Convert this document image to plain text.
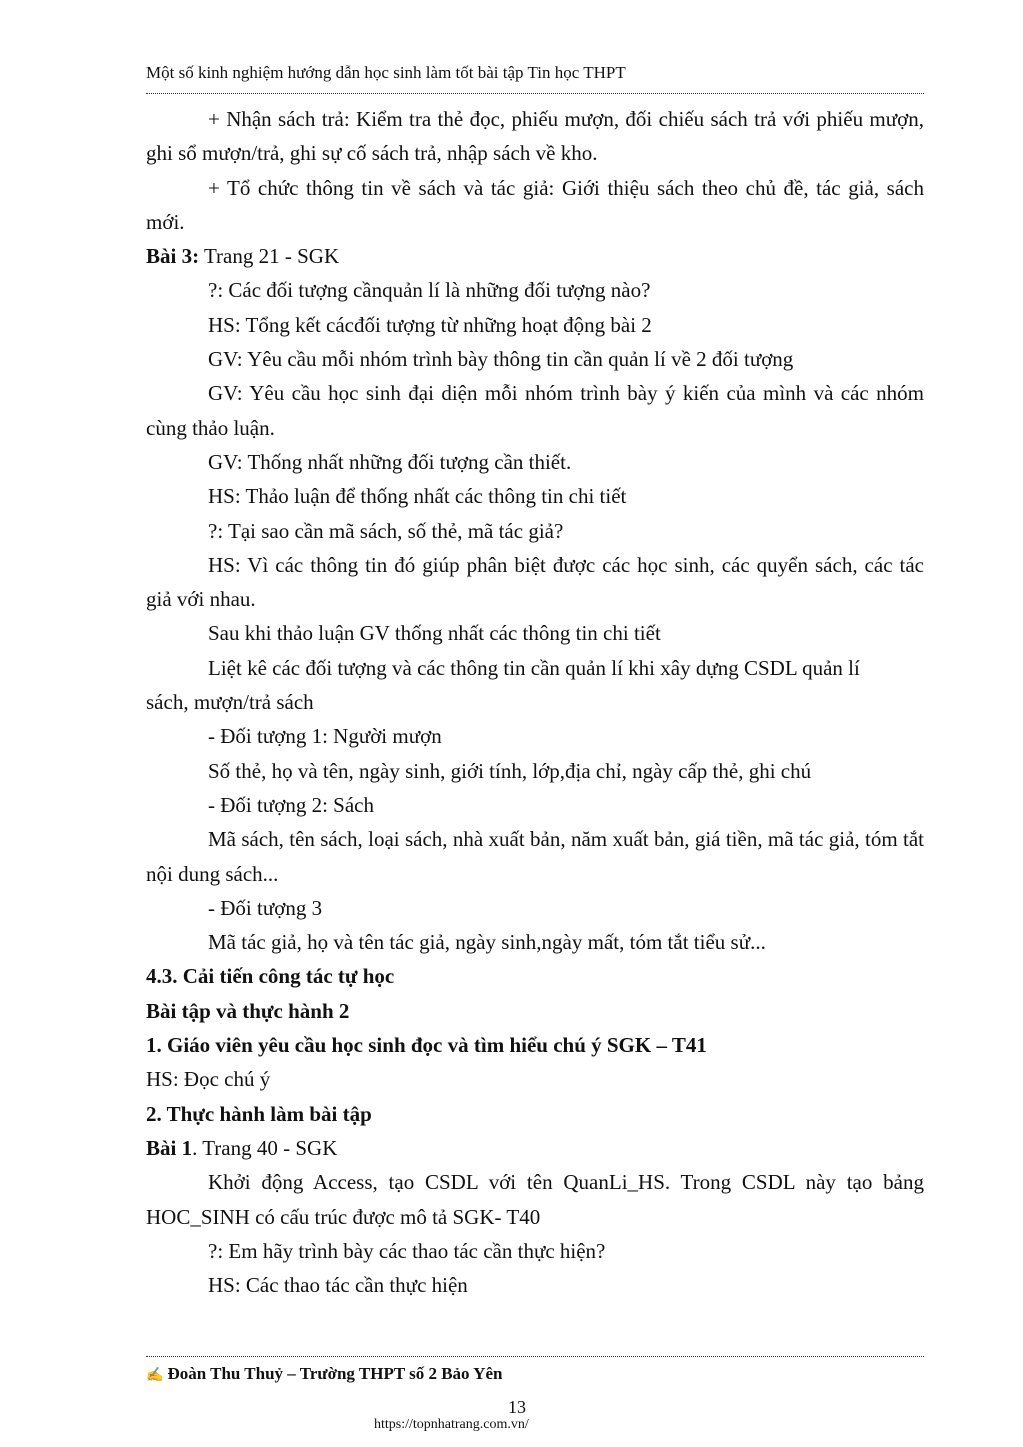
Một số kinh nghiệm hướng dẫn học sinh làm tốt bài tập Tin học THPT

+ Nhận sách trả: Kiểm tra thẻ đọc, phiếu mượn, đối chiếu sách trả với phiếu mượn, ghi sổ mượn/trả, ghi sự cố sách trả, nhập sách về kho.

+ Tổ chức thông tin về sách và tác giả: Giới thiệu sách theo chủ đề, tác giả, sách mới.

Bài 3: Trang 21 - SGK

?: Các đối tượng cầnquản lí là những đối tượng nào?

HS: Tổng kết cácđối tượng từ những hoạt động bài 2

GV: Yêu cầu mỗi nhóm trình bày thông tin cần quản lí về 2 đối tượng

GV: Yêu cầu học sinh đại diện mỗi nhóm trình bày ý kiến của mình và các nhóm cùng thảo luận.

GV: Thống nhất những đối tượng cần thiết.

HS: Thảo luận để thống nhất các thông tin chi tiết

?: Tại sao cần mã sách, số thẻ, mã tác giả?

HS: Vì các thông tin đó giúp phân biệt được các học sinh, các quyển sách, các tác giả với nhau.

Sau khi thảo luận GV thống nhất các thông tin chi tiết

Liệt kê các đối tượng và các thông tin cần quản lí khi xây dựng CSDL quản lí

sách, mượn/trả sách

- Đối tượng 1: Người mượn

Số thẻ, họ và tên, ngày sinh, giới tính, lớp,địa chỉ, ngày cấp thẻ, ghi chú

- Đối tượng 2: Sách

Mã sách, tên sách, loại sách, nhà xuất bản, năm xuất bản, giá tiền, mã tác giả, tóm tắt nội dung sách...

- Đối tượng 3

Mã tác giả, họ và tên tác giả, ngày sinh,ngày mất, tóm tắt tiểu sử...

4.3. Cải tiến công tác tự học

Bài tập và thực hành 2

1. Giáo viên yêu cầu học sinh đọc và tìm hiểu chú ý SGK – T41

HS: Đọc chú ý

2. Thực hành làm bài tập

Bài 1. Trang 40 - SGK

Khởi động Access, tạo CSDL với tên QuanLi_HS. Trong CSDL này tạo bảng HOC_SINH có cấu trúc được mô tả SGK- T40

?: Em hãy trình bày các thao tác cần thực hiện?

HS: Các thao tác cần thực hiện

✍ Đoàn Thu Thuỷ – Trường THPT số 2 Bảo Yên
13
https://topnhatrang.com.vn/
